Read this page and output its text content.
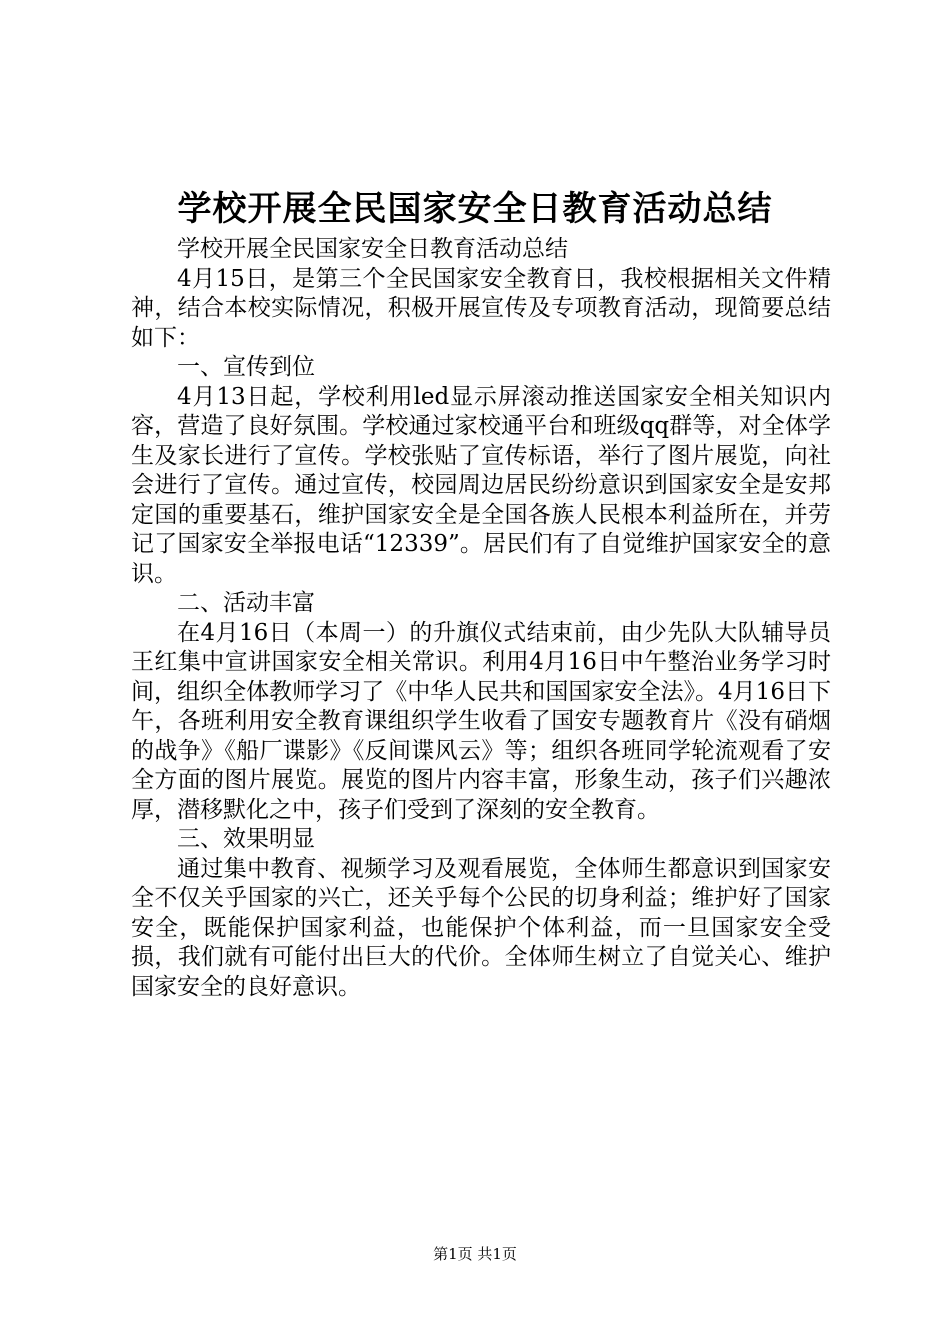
学校开展全民国家安全日教育活动总结

学校开展全民国家安全日教育活动总结

4月15日，是第三个全民国家安全教育日，我校根据相关文件精神，结合本校实际情况，积极开展宣传及专项教育活动，现简要总结如下：

一、宣传到位

4月13日起，学校利用led显示屏滚动推送国家安全相关知识内容，营造了良好氛围。学校通过家校通平台和班级qq群等，对全体学生及家长进行了宣传。学校张贴了宣传标语，举行了图片展览，向社会进行了宣传。通过宣传，校园周边居民纷纷意识到国家安全是安邦定国的重要基石，维护国家安全是全国各族人民根本利益所在，并劳记了国家安全举报电话“12339”。居民们有了自觉维护国家安全的意识。

二、活动丰富

在4月16日（本周一）的升旗仪式结束前，由少先队大队辅导员王红集中宣讲国家安全相关常识。利用4月16日中午整治业务学习时间，组织全体教师学习了《中华人民共和国国家安全法》。4月16日下午，各班利用安全教育课组织学生收看了国安专题教育片《没有硝烟的战争》《船厂谍影》《反间谍风云》等；组织各班同学轮流观看了安全方面的图片展览。展览的图片内容丰富，形象生动，孩子们兴趣浓厚，潜移默化之中，孩子们受到了深刻的安全教育。

三、效果明显

通过集中教育、视频学习及观看展览，全体师生都意识到国家安全不仅关乎国家的兴亡，还关乎每个公民的切身利益；维护好了国家安全，既能保护国家利益，也能保护个体利益，而一旦国家安全受损，我们就有可能付出巨大的代价。全体师生树立了自觉关心、维护国家安全的良好意识。

第1页 共1页
